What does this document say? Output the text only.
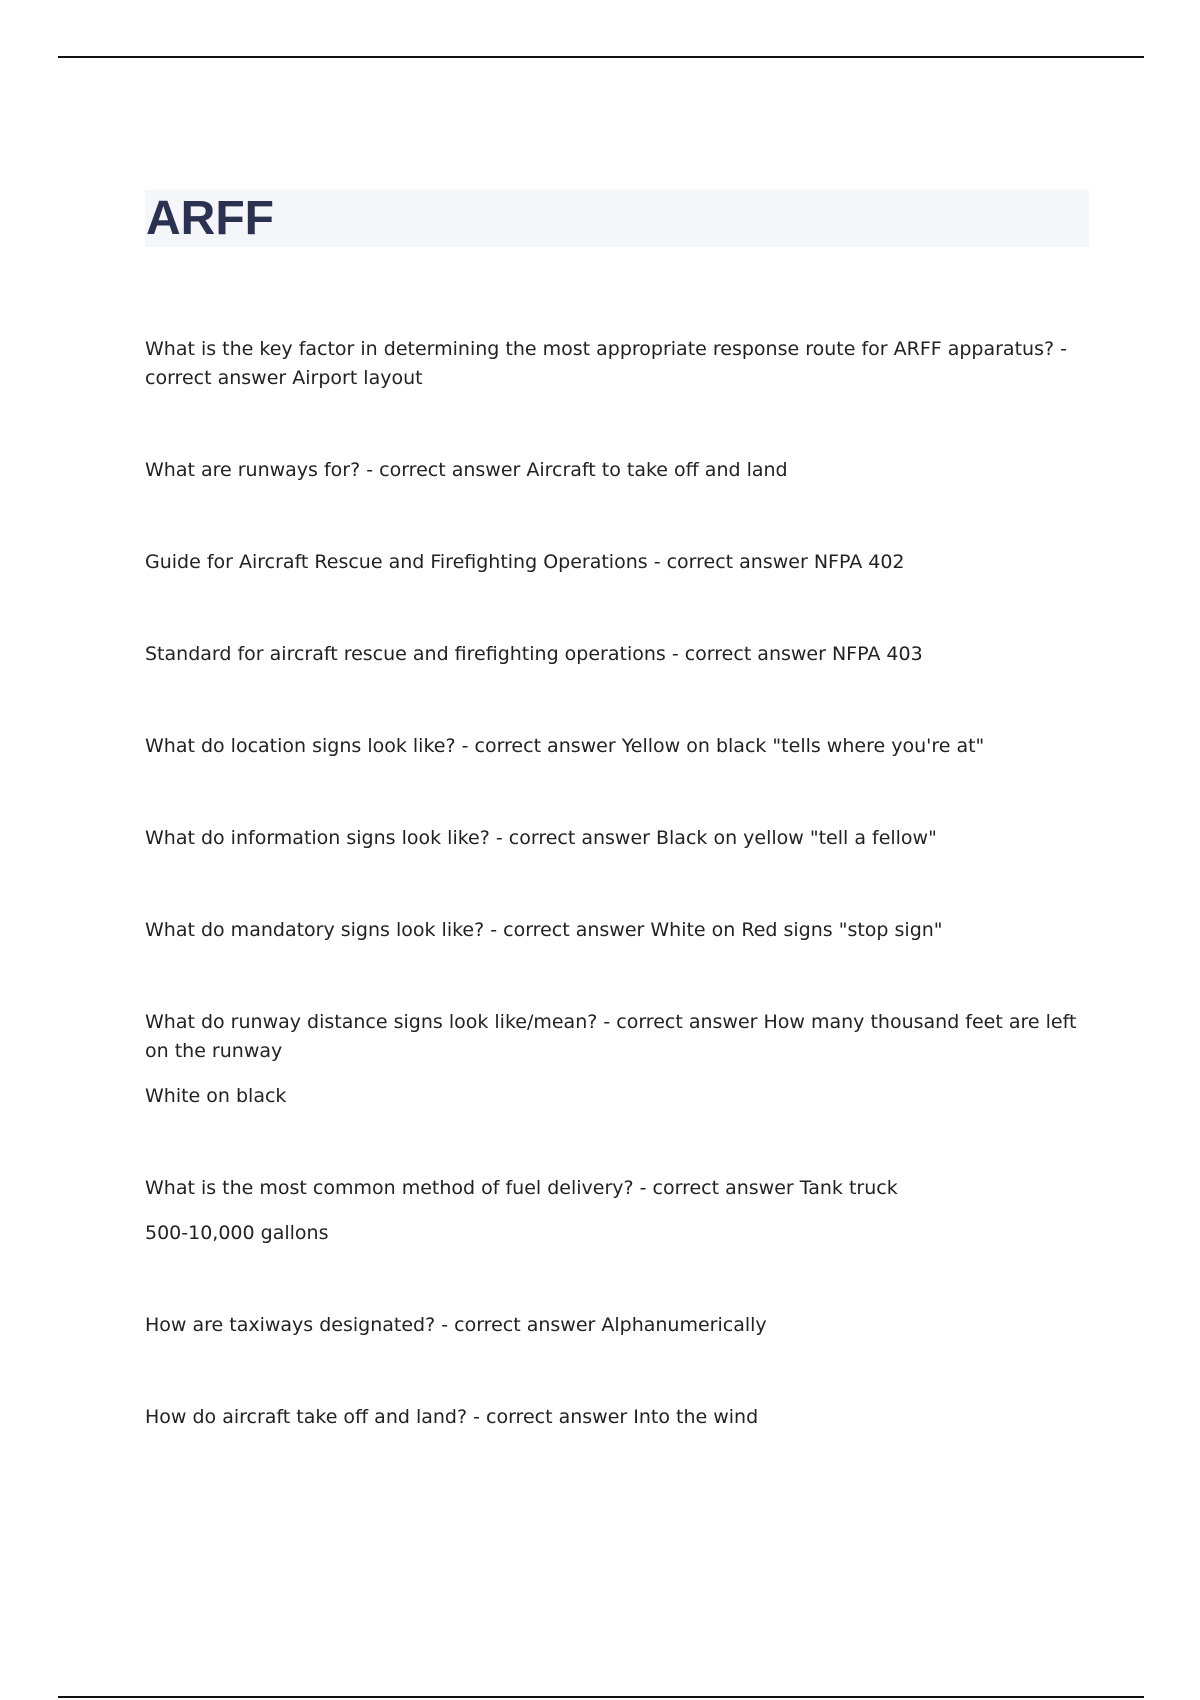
ARFF

What is the key factor in determining the most appropriate response route for ARFF apparatus? - correct answer Airport layout

What are runways for? - correct answer Aircraft to take off and land

Guide for Aircraft Rescue and Firefighting Operations - correct answer NFPA 402

Standard for aircraft rescue and firefighting operations - correct answer NFPA 403

What do location signs look like? - correct answer Yellow on black "tells where you're at"

What do information signs look like? - correct answer Black on yellow "tell a fellow"

What do mandatory signs look like? - correct answer White on Red signs "stop sign"

What do runway distance signs look like/mean? - correct answer How many thousand feet are left on the runway

White on black

What is the most common method of fuel delivery? - correct answer Tank truck

500-10,000 gallons

How are taxiways designated? - correct answer Alphanumerically

How do aircraft take off and land? - correct answer Into the wind
